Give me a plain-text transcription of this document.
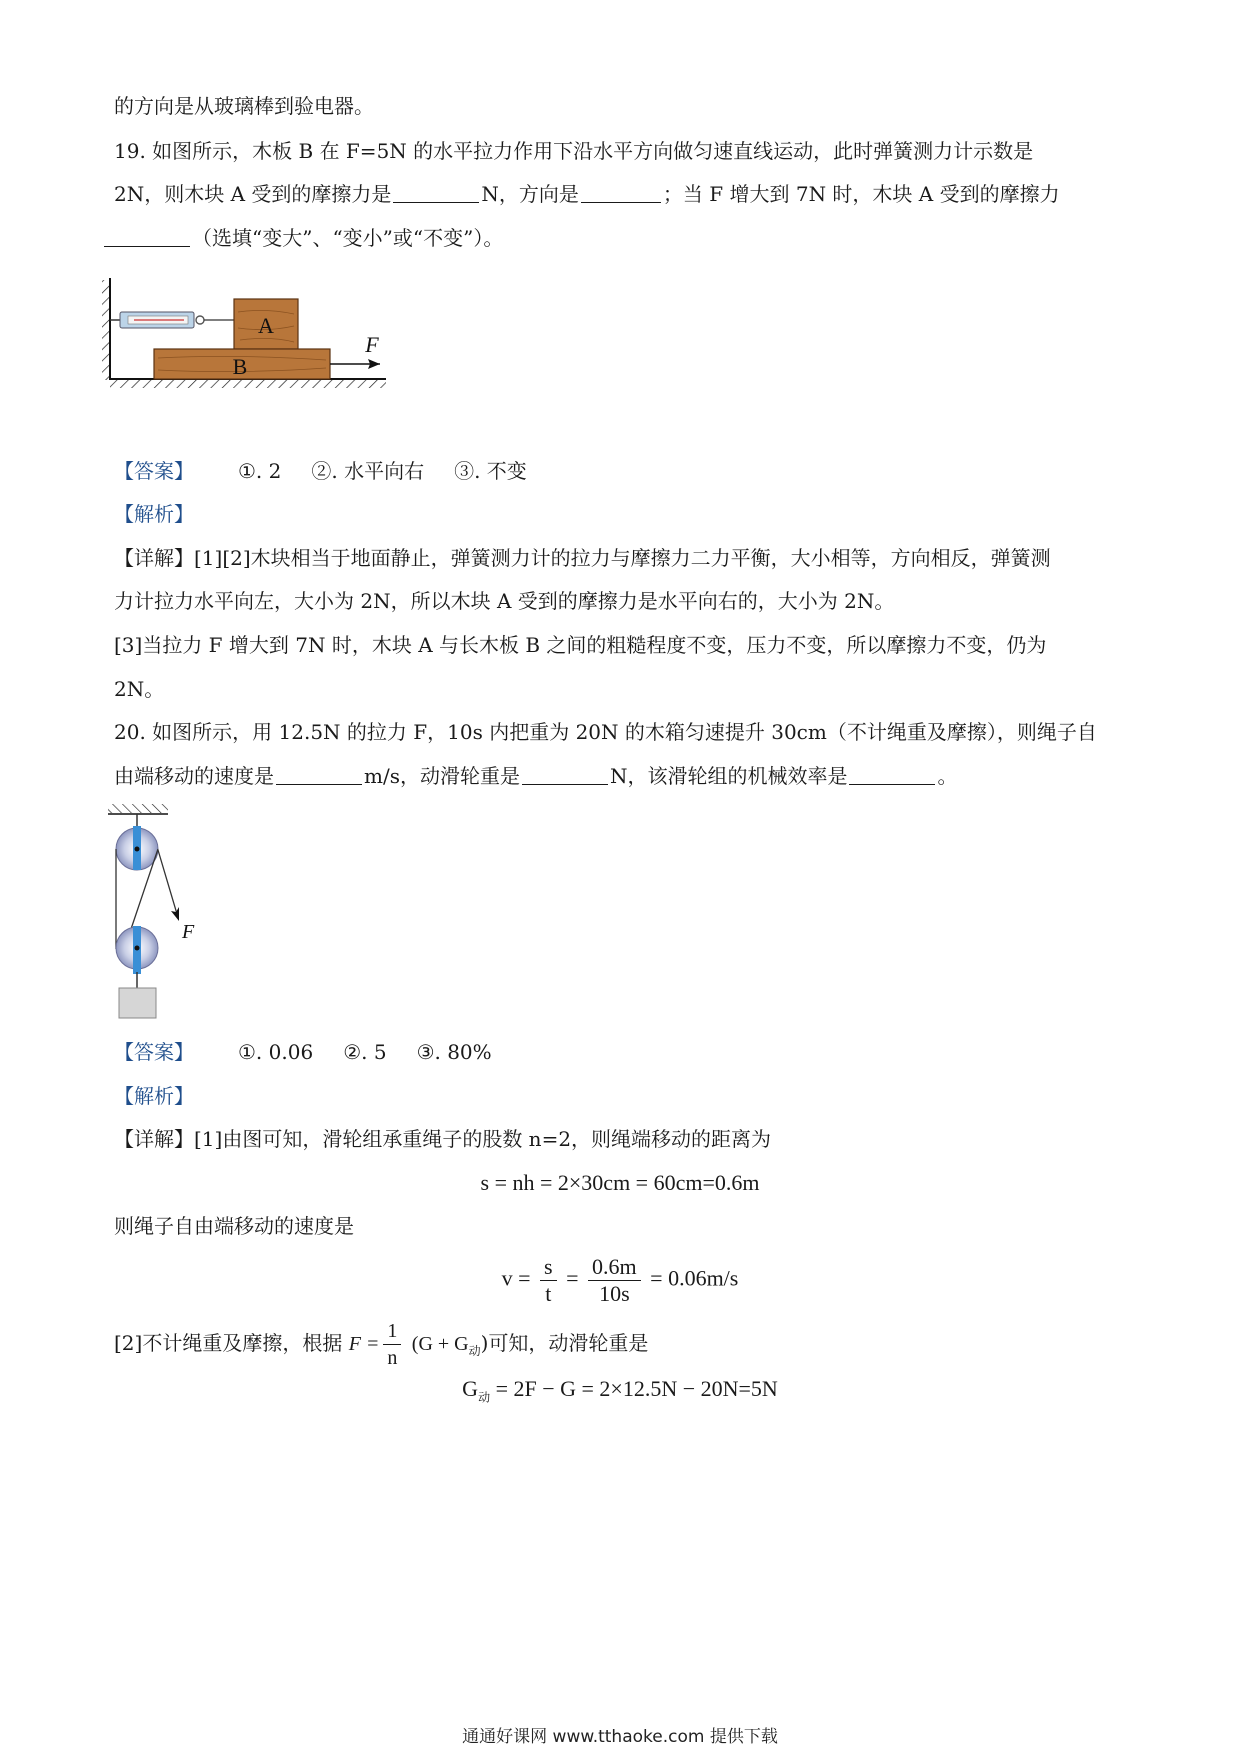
的方向是从玻璃棒到验电器。
19. 如图所示，木板 B 在 F=5N 的水平拉力作用下沿水平方向做匀速直线运动，此时弹簧测力计示数是
2N，则木块 A 受到的摩擦力是	N，方向是	；当 F 增大到 7N 时，木块 A 受到的摩擦力
（选填“变大”、“变小”或“不变”）。
A
B
F
【答案】 ①. 2 ②. 水平向右 ③. 不变
【解析】
【详解】[1][2]木块相当于地面静止，弹簧测力计的拉力与摩擦力二力平衡，大小相等，方向相反，弹簧测
力计拉力水平向左，大小为 2N，所以木块 A 受到的摩擦力是水平向右的，大小为 2N。
[3]当拉力 F 增大到 7N 时，木块 A 与长木板 B 之间的粗糙程度不变，压力不变，所以摩擦力不变，仍为
2N。
20. 如图所示，用 12.5N 的拉力 F，10s 内把重为 20N 的木箱匀速提升 30cm（不计绳重及摩擦），则绳子自
由端移动的速度是	m/s，动滑轮重是	N，该滑轮组的机械效率是	。
F
【答案】 ①. 0.06 ②. 5 ③. 80%
【解析】
【详解】[1]由图可知，滑轮组承重绳子的股数 n=2，则绳端移动的距离为
s = nh = 2×30cm = 60cm=0.6m
则绳子自由端移动的速度是
$v = \frac{s}{t} = \frac{0.6m}{10s} = 0.06m/s$
[2]不计绳重及摩擦，根据 $F = \frac{1}{n} (G + G_动)$可知，动滑轮重是
$G_动 = 2F - G = 2\times 12.5N - 20N=5N$
通通好课网 www.tthaoke.com 提供下载
